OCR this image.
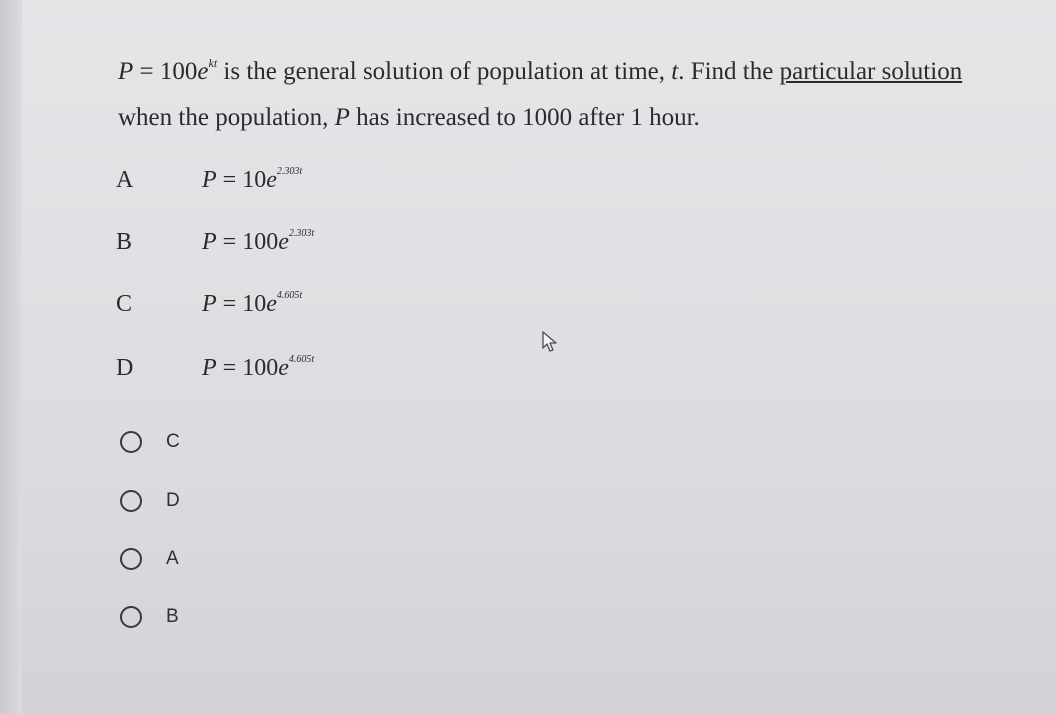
$P = 100e^{kt}$ is the general solution of population at time, t. Find the particular solution
when the population, P has increased to 1000 after 1 hour.
A	$P = 10e^{2.303t}$
B	$P = 100e^{2.303t}$
C	$P = 10e^{4.605t}$
D	$P = 100e^{4.605t}$
C
D
A
B
